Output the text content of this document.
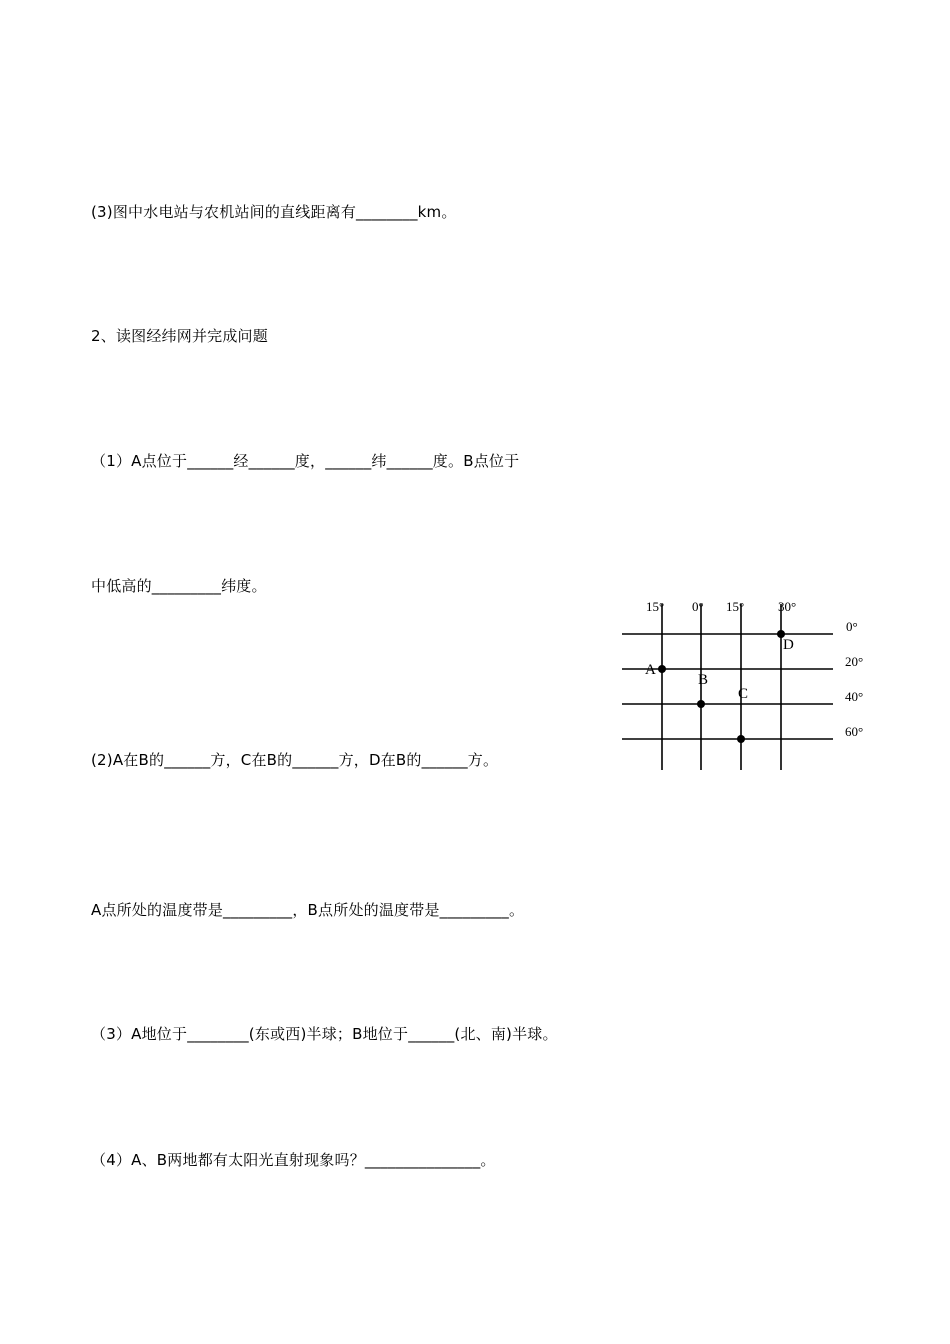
(3)图中水电站与农机站间的直线距离有________km。
2、读图经纬网并完成问题
（1）A点位于______经______度，______纬______度。B点位于
中低高的_________纬度。
(2)A在B的______方，C在B的______方，D在B的______方。
A点所处的温度带是_________，B点所处的温度带是_________。
（3）A地位于________(东或西)半球；B地位于______(北、南)半球。
（4）A、B两地都有太阳光直射现象吗？_______________。
15° 0° 15°	30°
0°
20°
40°
60°
A
B
C
D
